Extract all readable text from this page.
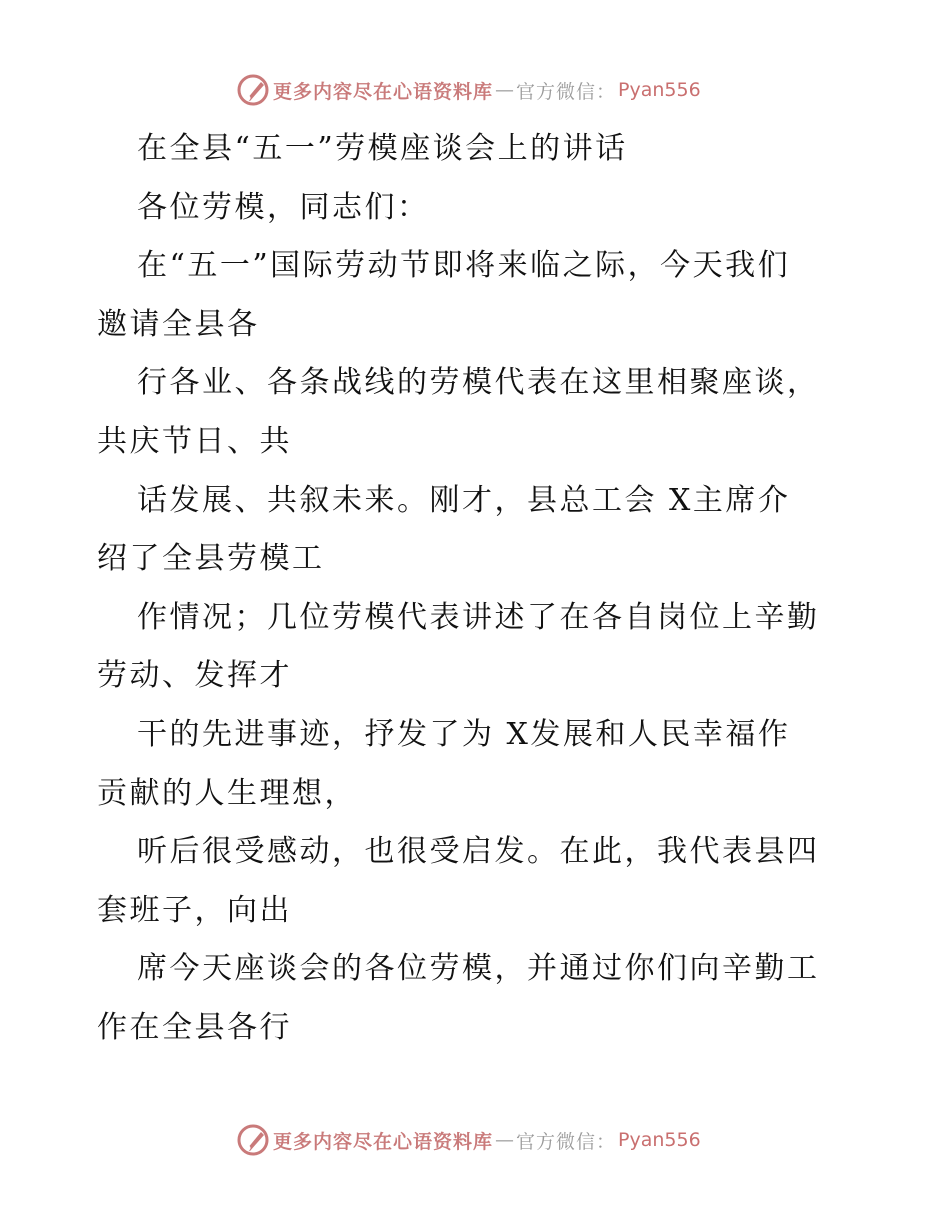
更多内容尽在心语资料库 — 官方微信： Pyan556
在全县“五一”劳模座谈会上的讲话
各位劳模，同志们：
在“五一”国际劳动节即将来临之际，今天我们
邀请全县各
行各业、各条战线的劳模代表在这里相聚座谈，
共庆节日、共
话发展、共叙未来。刚才，县总工会 X主席介
绍了全县劳模工
作情况；几位劳模代表讲述了在各自岗位上辛勤
劳动、发挥才
干的先进事迹，抒发了为 X发展和人民幸福作
贡献的人生理想，
听后很受感动，也很受启发。在此，我代表县四
套班子，向出
席今天座谈会的各位劳模，并通过你们向辛勤工
作在全县各行
更多内容尽在心语资料库 — 官方微信： Pyan556
